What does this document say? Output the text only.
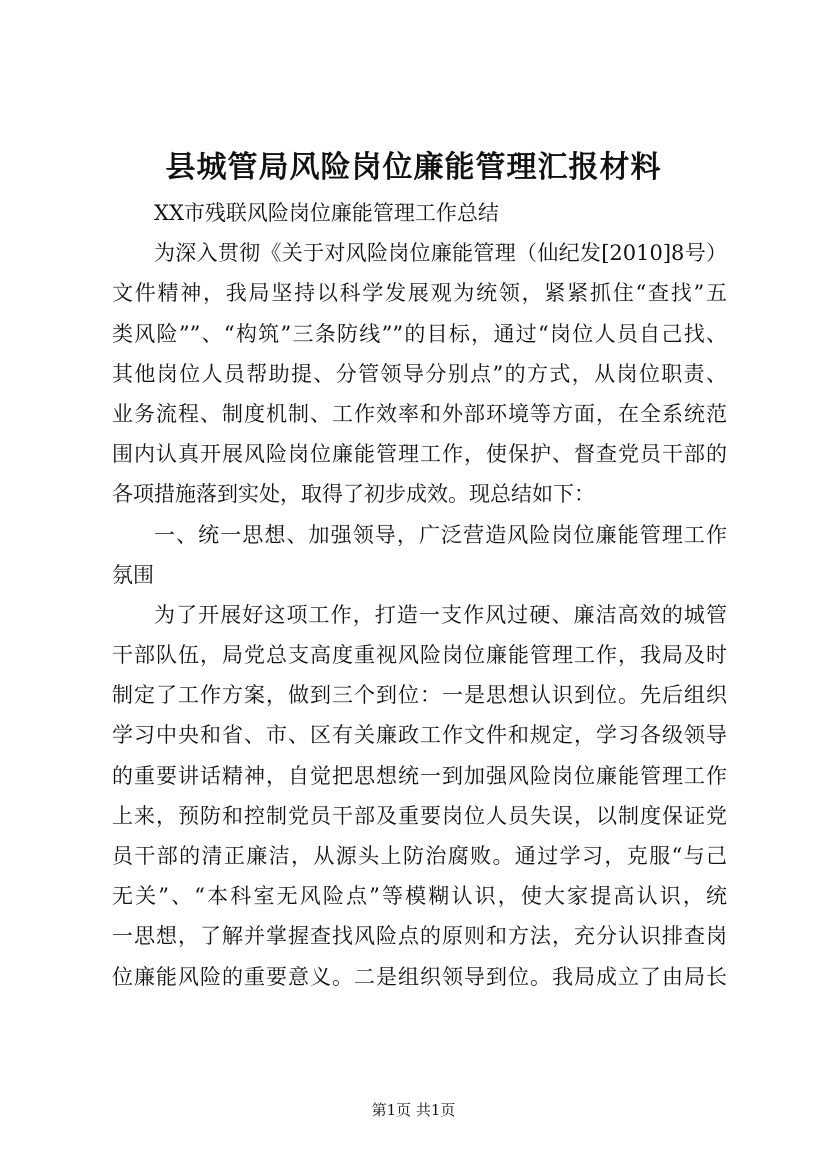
县城管局风险岗位廉能管理汇报材料
XX市残联风险岗位廉能管理工作总结
为深入贯彻《关于对风险岗位廉能管理（仙纪发[2010]8号）
文件精神，我局坚持以科学发展观为统领，紧紧抓住“查找”五
类风险””、“构筑”三条防线””的目标，通过“岗位人员自己找、
其他岗位人员帮助提、分管领导分别点”的方式，从岗位职责、
业务流程、制度机制、工作效率和外部环境等方面，在全系统范
围内认真开展风险岗位廉能管理工作，使保护、督查党员干部的
各项措施落到实处，取得了初步成效。现总结如下：
一、统一思想、加强领导，广泛营造风险岗位廉能管理工作
氛围
为了开展好这项工作，打造一支作风过硬、廉洁高效的城管
干部队伍，局党总支高度重视风险岗位廉能管理工作，我局及时
制定了工作方案，做到三个到位：一是思想认识到位。先后组织
学习中央和省、市、区有关廉政工作文件和规定，学习各级领导
的重要讲话精神，自觉把思想统一到加强风险岗位廉能管理工作
上来，预防和控制党员干部及重要岗位人员失误，以制度保证党
员干部的清正廉洁，从源头上防治腐败。通过学习，克服“与己
无关”、“本科室无风险点”等模糊认识，使大家提高认识，统
一思想，了解并掌握查找风险点的原则和方法，充分认识排查岗
位廉能风险的重要意义。二是组织领导到位。我局成立了由局长
第1页 共1页
